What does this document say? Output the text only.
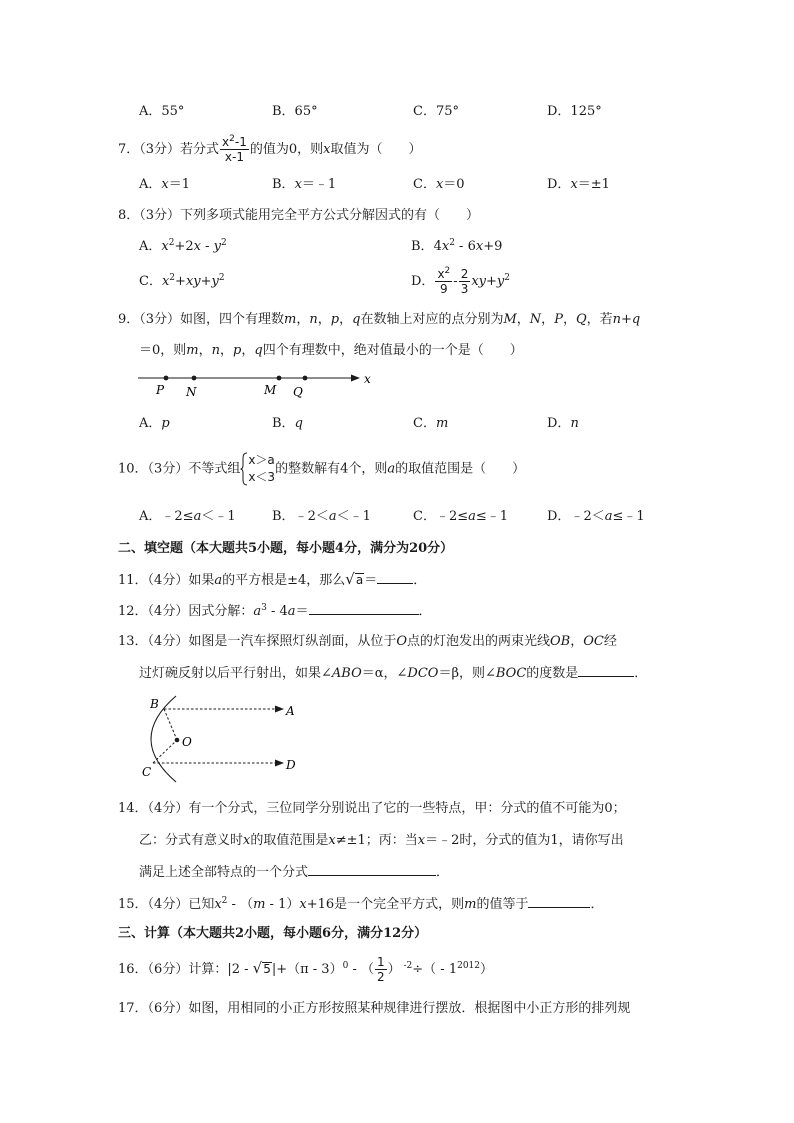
A．55°	B．65°	C．75°	D．125°
7．（3分）若分式 $\frac{x^2-1}{x-1}$ 的值为0，则x取值为（　　）
A．x＝1	B．x＝﹣1	C．x＝0	D．x＝±1
8．（3分）下列多项式能用完全平方公式分解因式的有（　　）
A．$x^2+2x - y^2$	B．$4x^2 - 6x+9$
C．$x^2+xy+y^2$	D． $\frac{x^2}{9} - \frac{2}{3} xy+y^2$
9．（3分）如图，四个有理数m，n，p，q在数轴上对应的点分别为M，N，P，Q，若n+q
＝0，则m，n，p，q四个有理数中，绝对值最小的一个是（　　）
P N	M Q
x
A．p	B．q	C．m	D．n
10．（3分）不等式组
x＞a
x＜3
的整数解有4个，则a的取值范围是（　　）
A．﹣2≤a＜﹣1	B．﹣2＜a＜﹣1	C．﹣2≤a≤﹣1	D．﹣2＜a≤﹣1
二、填空题（本大题共5小题，每小题4分，满分为20分）
11．（4分）如果a的平方根是±4，那么√a＝	．
12．（4分）因式分解：$a^3 - 4a=$	．
13．（4分）如图是一汽车探照灯纵剖面，从位于O点的灯泡发出的两束光线OB，OC经
过灯碗反射以后平行射出，如果∠ABO＝α，∠DCO＝β，则∠BOC的度数是	．
B	A
O
C	D
14．（4分）有一个分式，三位同学分别说出了它的一些特点，甲：分式的值不可能为0；
乙：分式有意义时x的取值范围是x≠±1；丙：当x＝﹣2时，分式的值为1，请你写出
满足上述全部特点的一个分式	．
15．（4分）已知$x^2 - (m - 1)x+16$是一个完全平方式，则m的值等于	．
三、计算（本大题共2小题，每小题6分，满分12分）
16．（6分）计算：|2 - √5|+（π - 3）$^0$ - （ $\frac{1}{2}$ ） $^{-2}\div( - 1^{2012})$
17．（6分）如图，用相同的小正方形按照某种规律进行摆放．根据图中小正方形的排列规
